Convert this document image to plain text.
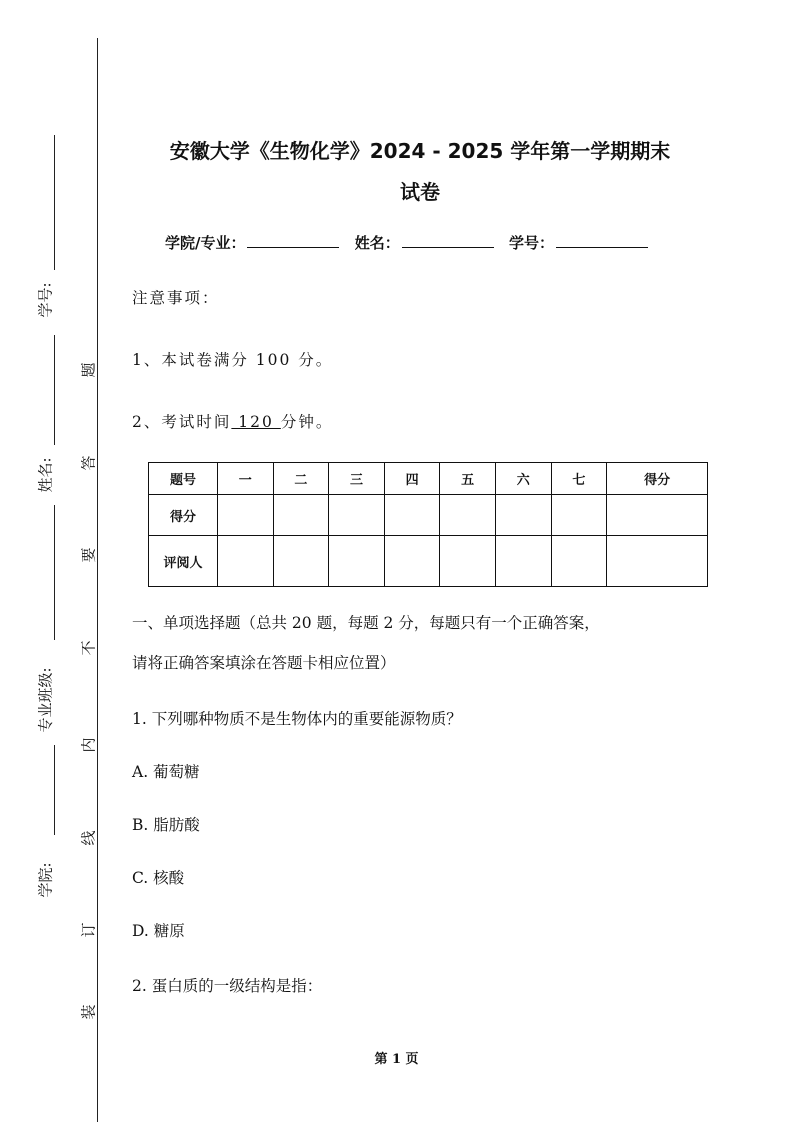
学号:
姓名:
专业班级:
学院:
题
答
要
不
内
线
订
装
安徽大学《生物化学》2024 - 2025 学年第一学期期末
试卷
学院/专业：	姓名：	学号：
注意事项：
1、本试卷满分 100 分。
2、考试时间 120 分钟。
题号	一	二	三	四	五	六	七	得分
得分								
评阅人								
一、单项选择题（总共 20 题，每题 2 分，每题只有一个正确答案，
请将正确答案填涂在答题卡相应位置）
1. 下列哪种物质不是生物体内的重要能源物质？
A. 葡萄糖
B. 脂肪酸
C. 核酸
D. 糖原
2. 蛋白质的一级结构是指：
第 1 页
